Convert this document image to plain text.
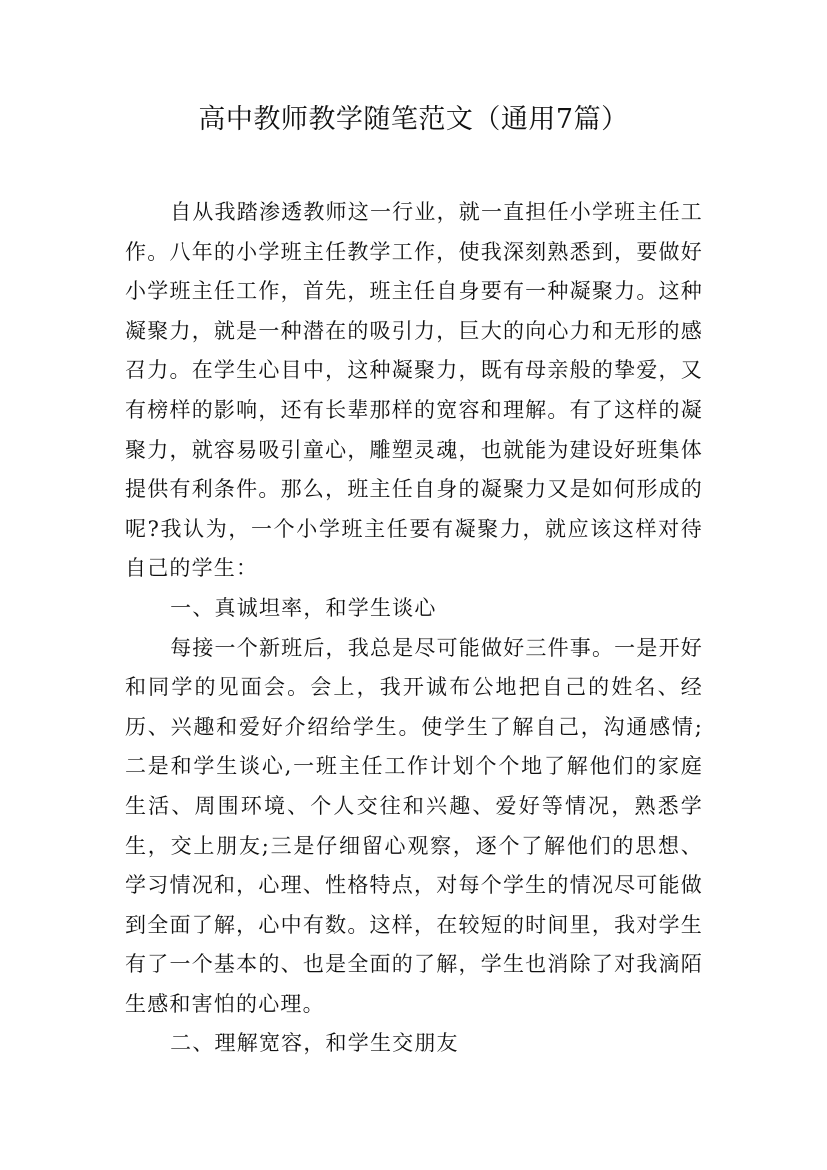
高中教师教学随笔范文（通用7篇）

自从我踏渗透教师这一行业，就一直担任小学班主任工作。八年的小学班主任教学工作，使我深刻熟悉到，要做好小学班主任工作，首先，班主任自身要有一种凝聚力。这种凝聚力，就是一种潜在的吸引力，巨大的向心力和无形的感召力。在学生心目中，这种凝聚力，既有母亲般的挚爱，又有榜样的影响，还有长辈那样的宽容和理解。有了这样的凝聚力，就容易吸引童心，雕塑灵魂，也就能为建设好班集体提供有利条件。那么，班主任自身的凝聚力又是如何形成的呢?我认为，一个小学班主任要有凝聚力，就应该这样对待自己的学生：

一、真诚坦率，和学生谈心

每接一个新班后，我总是尽可能做好三件事。一是开好和同学的见面会。会上，我开诚布公地把自己的姓名、经历、兴趣和爱好介绍给学生。使学生了解自己，沟通感情;二是和学生谈心,一班主任工作计划个个地了解他们的家庭生活、周围环境、个人交往和兴趣、爱好等情况，熟悉学生，交上朋友;三是仔细留心观察，逐个了解他们的思想、学习情况和，心理、性格特点，对每个学生的情况尽可能做到全面了解，心中有数。这样，在较短的时间里，我对学生有了一个基本的、也是全面的了解，学生也消除了对我滴陌生感和害怕的心理。

二、理解宽容，和学生交朋友
